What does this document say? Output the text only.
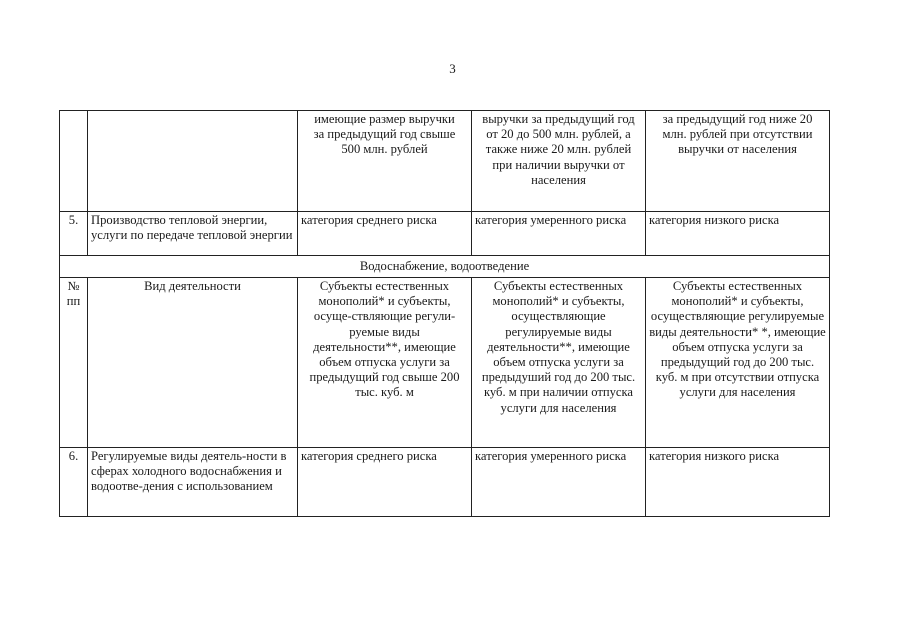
3

		имеющие размер выручки за предыдущий год свыше 500 млн. рублей	выручки за предыдущий год от 20 до 500 млн. рублей, а также ниже 20 млн. рублей при наличии выручки от населения	за предыдущий год ниже 20 млн. рублей при отсутствии выручки от населения

5.	Производство тепловой энергии, услуги по передаче тепловой энергии	категория среднего риска	категория умеренного риска	категория низкого риска
Водоснабжение, водоотведение				

№ пп	Вид деятельности	Субъекты естественных монополий* и субъекты, осуще-ствляющие регули-руемые виды деятельности**, имеющие объем отпуска услуги за предыдущий год свыше 200 тыс. куб. м	Субъекты естественных монополий* и субъекты, осуществляющие регулируемые виды деятельности**, имеющие объем отпуска услуги за предыдуший год до 200 тыс. куб. м при наличии отпуска услуги для населения	Субъекты естественных монополий* и субъекты, осуществляющие регулируемые виды деятельности* *, имеющие объем отпуска услуги за предыдущий год до 200 тыс. куб. м при отсутствии отпуска услуги для населения

6.	Регулируемые виды деятель-ности в сферах холодного водоснабжения и водоотве-дения с использованием	категория среднего риска	категория умеренного риска	категория низкого риска
